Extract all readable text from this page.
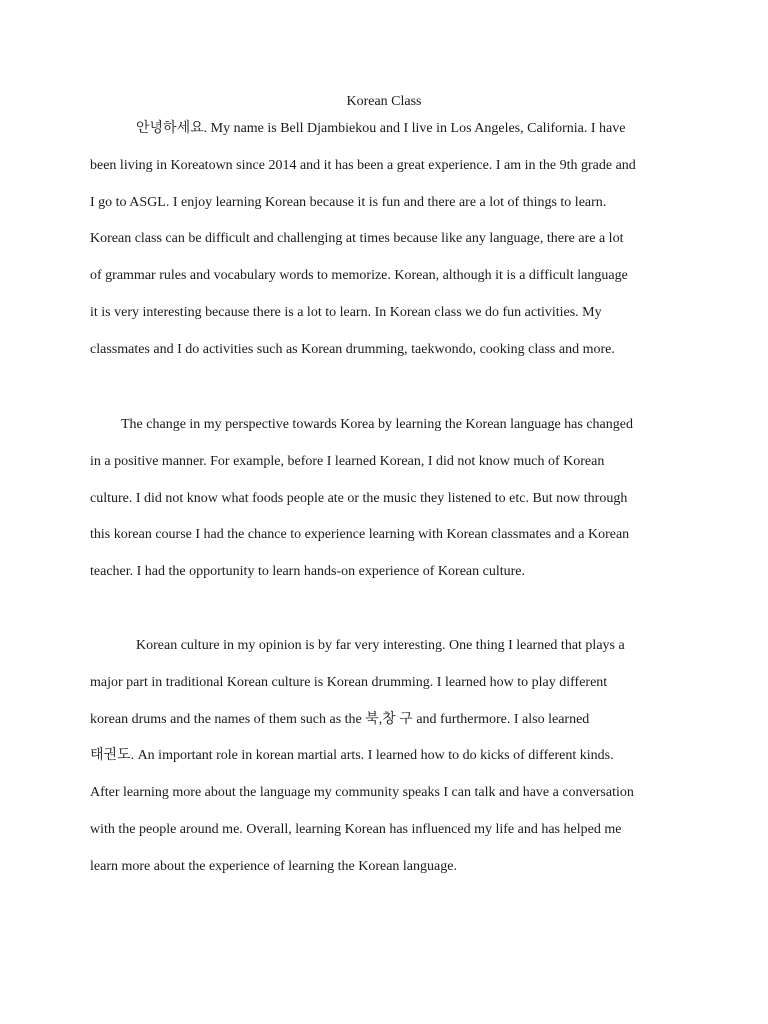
Korean Class

안녕하세요. My name is Bell Djambiekou and I live in Los Angeles, California. I have
been living in Koreatown since 2014 and it has been a great experience. I am in the 9th grade and
I go to ASGL. I enjoy learning Korean because it is fun and there are a lot of things to learn.
Korean class can be difficult and challenging at times because like any language, there are a lot
of grammar rules and vocabulary words to memorize. Korean, although it is a difficult language
it is very interesting because there is a lot to learn. In Korean class we do fun activities. My
classmates and I do activities such as Korean drumming, taekwondo, cooking class and more.

The change in my perspective towards Korea by learning the Korean language has changed
in a positive manner. For example, before I learned Korean, I did not know much of Korean
culture. I did not know what foods people ate or the music they listened to etc. But now through
this korean course I had the chance to experience learning with Korean classmates and a Korean
teacher. I had the opportunity to learn hands-on experience of Korean culture.

Korean culture in my opinion is by far very interesting. One thing I learned that plays a
major part in traditional Korean culture is Korean drumming. I learned how to play different
korean drums and the names of them such as the 북,창 구 and furthermore. I also learned
태권도. An important role in korean martial arts. I learned how to do kicks of different kinds.
After learning more about the language my community speaks I can talk and have a conversation
with the people around me. Overall, learning Korean has influenced my life and has helped me
learn more about the experience of learning the Korean language.
